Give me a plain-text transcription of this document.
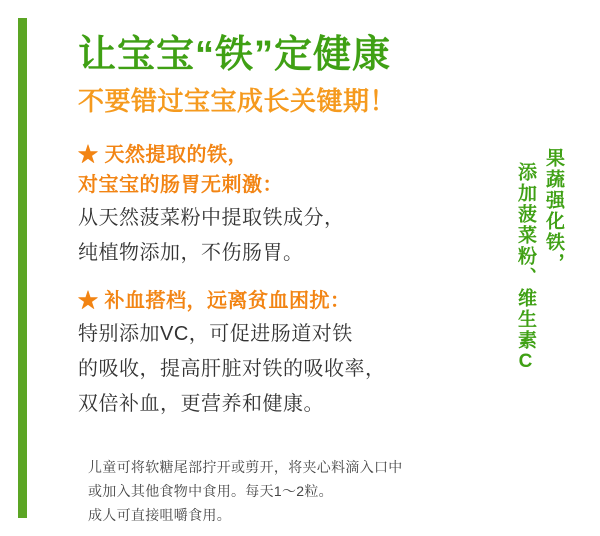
让宝宝“铁”定健康
不要错过宝宝成长关键期！
★ 天然提取的铁，
对宝宝的肠胃无刺激：
从天然菠菜粉中提取铁成分，
纯植物添加，不伤肠胃。
★ 补血搭档，远离贫血困扰：
特别添加VC，可促进肠道对铁
的吸收，提高肝脏对铁的吸收率，
双倍补血，更营养和健康。
果蔬强化铁，
添加菠菜粉、维生素C
儿童可将软糖尾部拧开或剪开，将夹心料滴入口中
或加入其他食物中食用。每天1～2粒。
成人可直接咀嚼食用。
